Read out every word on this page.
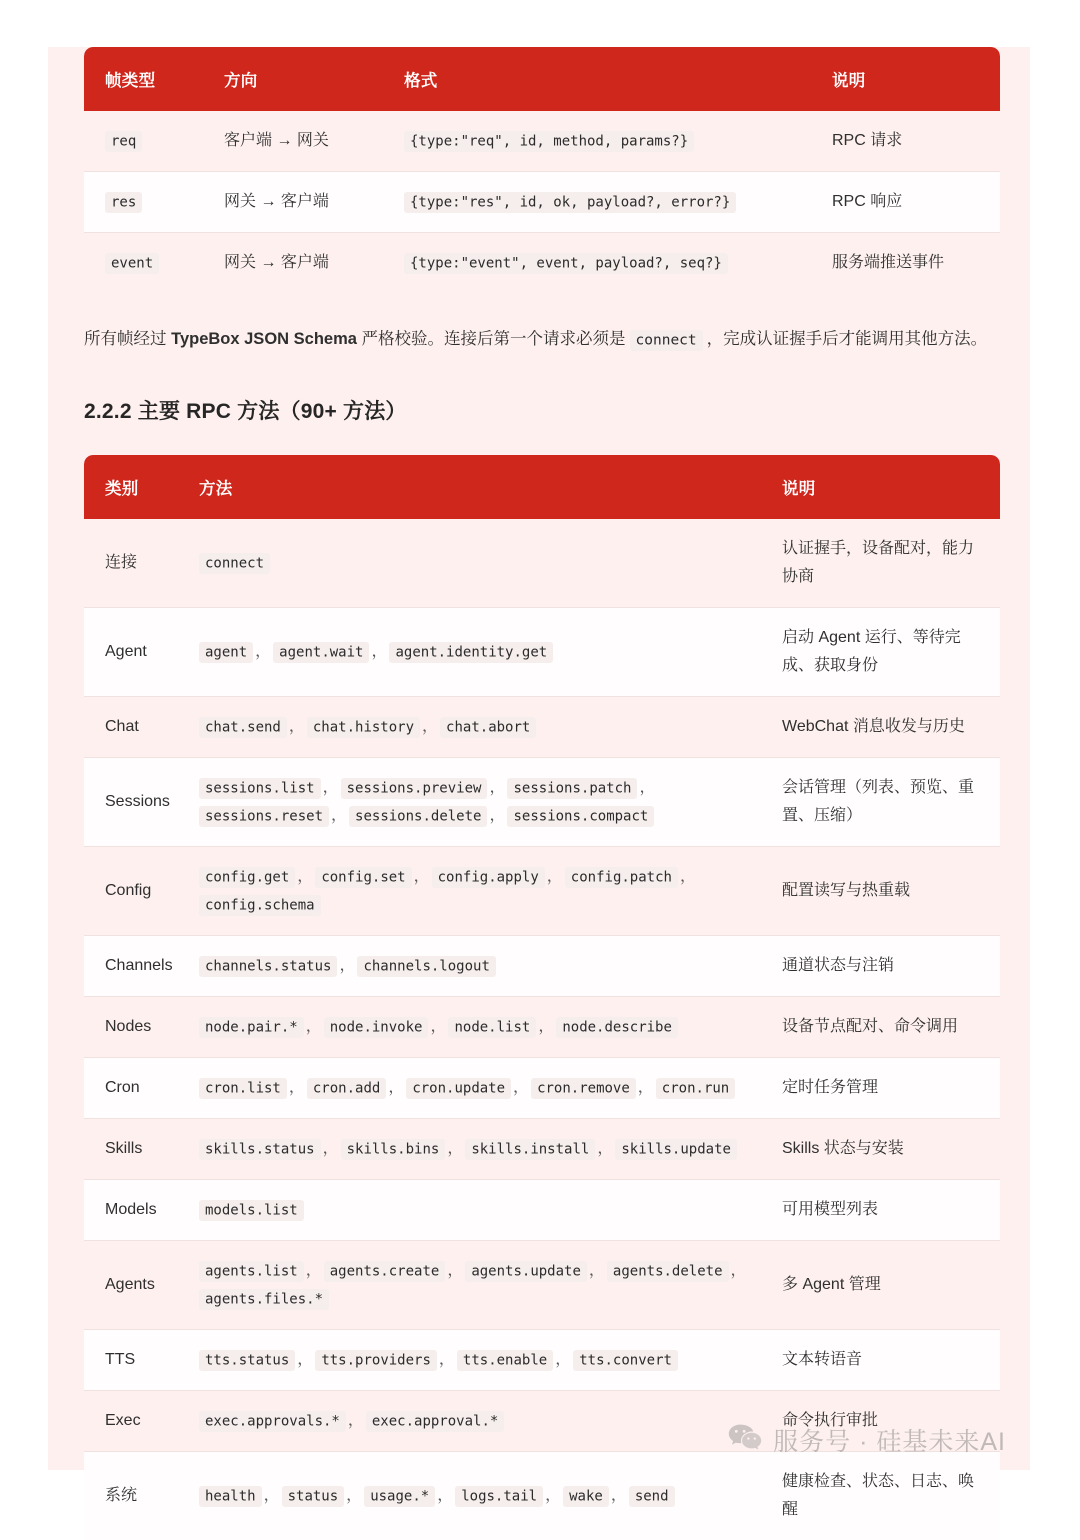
帧类型	方向	格式	说明
req	客户端 → 网关	{type:"req", id, method, params?}	RPC 请求
res	网关 → 客户端	{type:"res", id, ok, payload?, error?}	RPC 响应
event	网关 → 客户端	{type:"event", event, payload?, seq?}	服务端推送事件

所有帧经过 TypeBox JSON Schema 严格校验。连接后第一个请求必须是 connect ，完成认证握手后才能调用其他方法。

2.2.2 主要 RPC 方法（90+ 方法）
类别	方法	说明
连接	connect	认证握手，设备配对，能力协商
Agent	agent ， agent.wait ， agent.identity.get	启动 Agent 运行、等待完成、获取身份
Chat	chat.send ， chat.history ， chat.abort	WebChat 消息收发与历史
Sessions	sessions.list ， sessions.preview ， sessions.patch ，sessions.reset ， sessions.delete ， sessions.compact	会话管理（列表、预览、重置、压缩）
Config	config.get ， config.set ， config.apply ， config.patch ，config.schema	配置读写与热重载
Channels	channels.status ， channels.logout	通道状态与注销
Nodes	node.pair.* ， node.invoke ， node.list ， node.describe	设备节点配对、命令调用
Cron	cron.list ， cron.add ， cron.update ， cron.remove ， cron.run	定时任务管理
Skills	skills.status ， skills.bins ， skills.install ， skills.update	Skills 状态与安装
Models	models.list	可用模型列表
Agents	agents.list ， agents.create ， agents.update ， agents.delete ，agents.files.*	多 Agent 管理
TTS	tts.status ， tts.providers ， tts.enable ， tts.convert	文本转语音
Exec	exec.approvals.* ， exec.approval.*	命令执行审批
系统	health ， status ， usage.* ， logs.tail ， wake ， send	健康检查、状态、日志、唤醒
服务号 · 硅基未来AI
